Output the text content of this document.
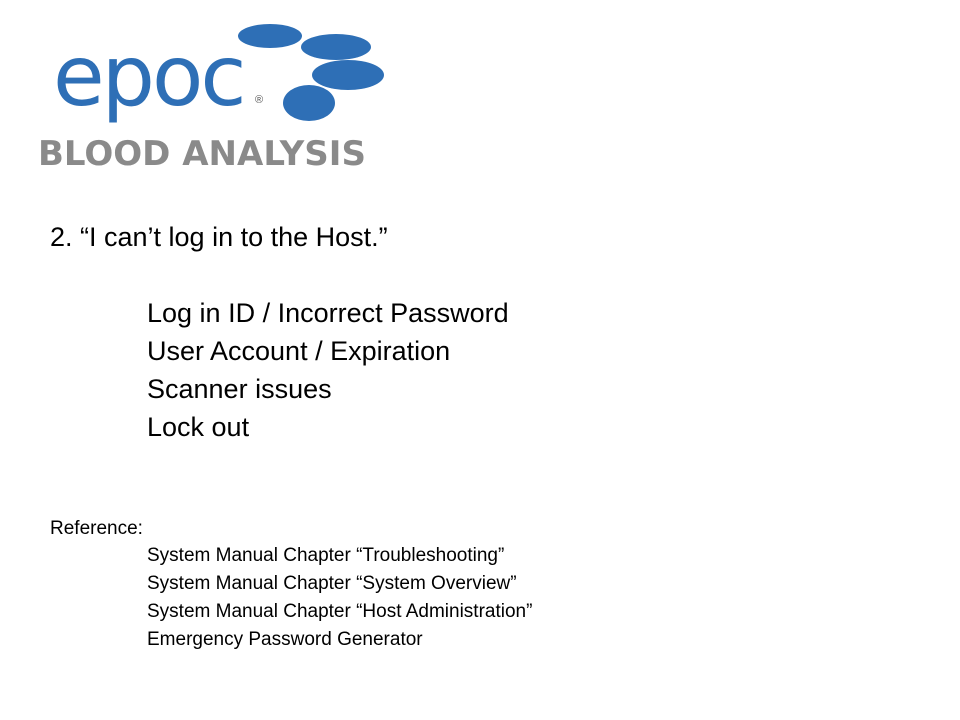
epoc ®
BLOOD ANALYSIS
2. “I can’t log in to the Host.”
Log in ID / Incorrect Password
User Account / Expiration
Scanner issues
Lock out
Reference:
System Manual Chapter “Troubleshooting”
System Manual Chapter “System Overview”
System Manual Chapter “Host Administration”
Emergency Password Generator
